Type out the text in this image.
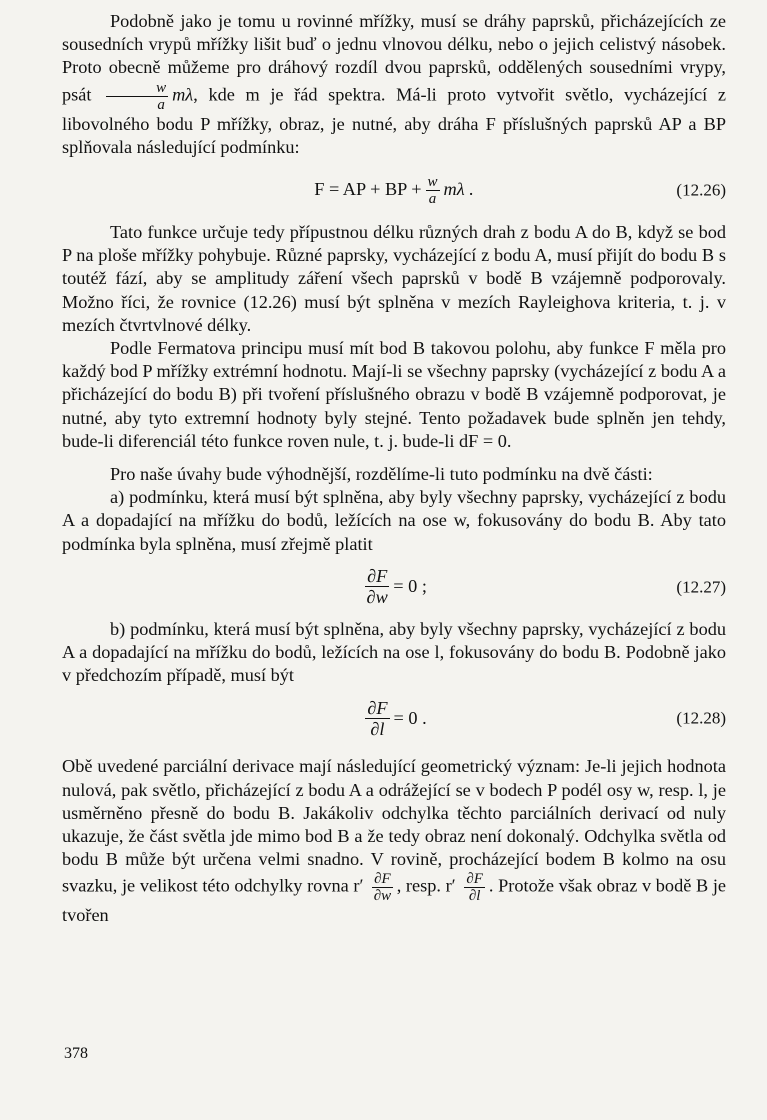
Podobně jako je tomu u rovinné mřížky, musí se dráhy paprsků, přicházejících ze sousedních vrypů mřížky lišit buď o jednu vlnovou délku, nebo o jejich celistvý násobek. Proto obecně můžeme pro dráhový rozdíl dvou paprsků, oddělených sousedními vrypy, psát $\frac{w}{a} m\lambda$, kde m je řád spektra. Má-li proto vytvořit světlo, vycházející z libovolného bodu P mřížky, obraz, je nutné, aby dráha F příslušných paprsků AP a BP splňovala následující podmínku:

F = AP + BP + $\frac{w}{a}$ mλ .	(12.26)

Tato funkce určuje tedy přípustnou délku různých drah z bodu A do B, když se bod P na ploše mřížky pohybuje. Různé paprsky, vycházející z bodu A, musí přijít do bodu B s toutéž fází, aby se amplitudy záření všech paprsků v bodě B vzájemně podporovaly. Možno říci, že rovnice (12.26) musí být splněna v mezích Rayleighova kriteria, t. j. v mezích čtvrtvlnové délky.

Podle Fermatova principu musí mít bod B takovou polohu, aby funkce F měla pro každý bod P mřížky extrémní hodnotu. Mají-li se všechny paprsky (vycházející z bodu A a přicházející do bodu B) při tvoření příslušného obrazu v bodě B vzájemně podporovat, je nutné, aby tyto extremní hodnoty byly stejné. Tento požadavek bude splněn jen tehdy, bude-li diferenciál této funkce roven nule, t. j. bude-li dF = 0.

Pro naše úvahy bude výhodnější, rozdělíme-li tuto podmínku na dvě části:

a) podmínku, která musí být splněna, aby byly všechny paprsky, vycházející z bodu A a dopadající na mřížku do bodů, ležících na ose w, fokusovány do bodu B. Aby tato podmínka byla splněna, musí zřejmě platit

$\frac{\partial F}{\partial w} = 0$ ;	(12.27)

b) podmínku, která musí být splněna, aby byly všechny paprsky, vycházející z bodu A a dopadající na mřížku do bodů, ležících na ose l, fokusovány do bodu B. Podobně jako v předchozím případě, musí být

$\frac{\partial F}{\partial l} = 0$ .	(12.28)

Obě uvedené parciální derivace mají následující geometrický význam: Je-li jejich hodnota nulová, pak světlo, přicházející z bodu A a odrážející se v bodech P podél osy w, resp. l, je usměrněno přesně do bodu B. Jakákoliv odchylka těchto parciálních derivací od nuly ukazuje, že část světla jde mimo bod B a že tedy obraz není dokonalý. Odchylka světla od bodu B může být určena velmi snadno. V rovině, procházející bodem B kolmo na osu svazku, je velikost této odchylky rovna $r' \frac{\partial F}{\partial w}$ , resp. $r' \frac{\partial F}{\partial l}$ . Protože však obraz v bodě B je tvořen

378
